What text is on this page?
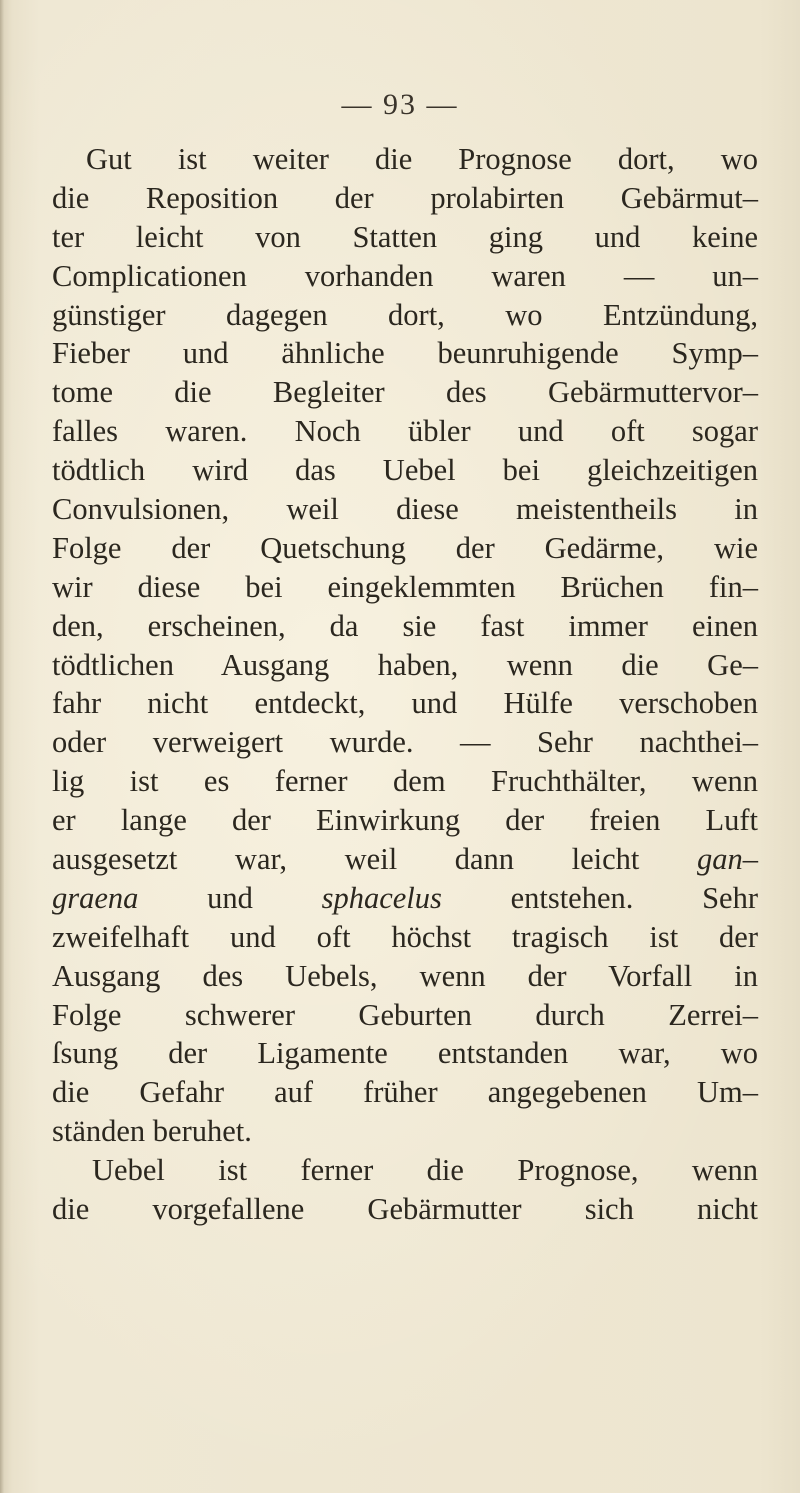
— 93 —
Gut ist weiter die Prognose dort, wo
die Reposition der prolabirten Gebärmut–
ter leicht von Statten ging und keine
Complicationen vorhanden waren — un–
günstiger dagegen dort, wo Entzündung,
Fieber und ähnliche beunruhigende Symp–
tome die Begleiter des Gebärmuttervor–
falles waren. Noch übler und oft sogar
tödtlich wird das Uebel bei gleichzeitigen
Convulsionen, weil diese meistentheils in
Folge der Quetschung der Gedärme, wie
wir diese bei eingeklemmten Brüchen fin–
den, erscheinen, da sie fast immer einen
tödtlichen Ausgang haben, wenn die Ge–
fahr nicht entdeckt, und Hülfe verschoben
oder verweigert wurde. — Sehr nachthei–
lig ist es ferner dem Fruchthälter, wenn
er lange der Einwirkung der freien Luft
ausgesetzt war, weil dann leicht gan–
graena und sphacelus entstehen. Sehr
zweifelhaft und oft höchst tragisch ist der
Ausgang des Uebels, wenn der Vorfall in
Folge schwerer Geburten durch Zerrei–
ſsung der Ligamente entstanden war, wo
die Gefahr auf früher angegebenen Um–
ständen beruhet.
Uebel ist ferner die Prognose, wenn
die vorgefallene Gebärmutter sich nicht
